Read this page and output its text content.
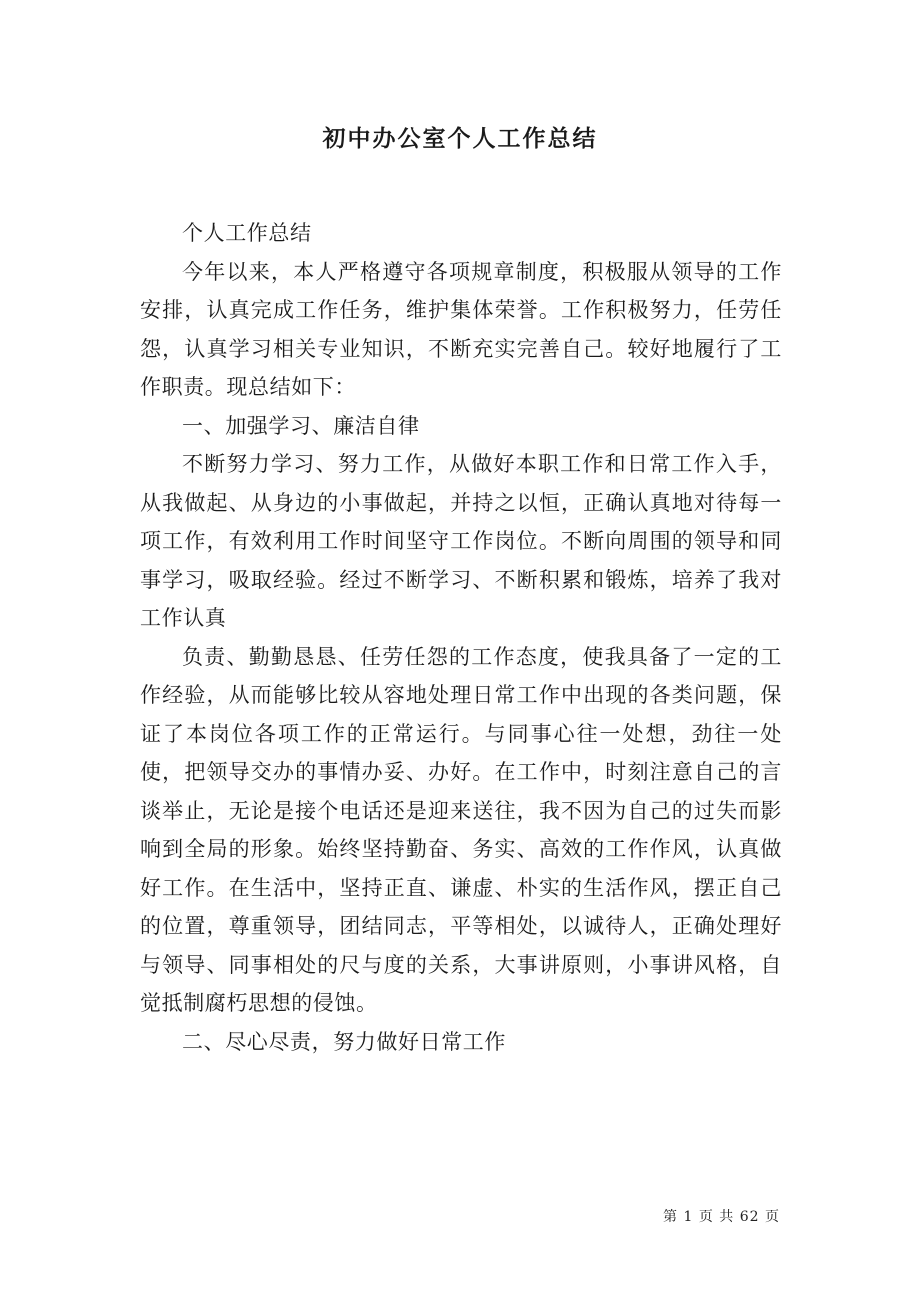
初中办公室个人工作总结

个人工作总结

今年以来，本人严格遵守各项规章制度，积极服从领导的工作安排，认真完成工作任务，维护集体荣誉。工作积极努力，任劳任怨，认真学习相关专业知识，不断充实完善自己。较好地履行了工作职责。现总结如下：

一、加强学习、廉洁自律

不断努力学习、努力工作，从做好本职工作和日常工作入手，从我做起、从身边的小事做起，并持之以恒，正确认真地对待每一项工作，有效利用工作时间坚守工作岗位。不断向周围的领导和同事学习，吸取经验。经过不断学习、不断积累和锻炼，培养了我对工作认真

负责、勤勤恳恳、任劳任怨的工作态度，使我具备了一定的工作经验，从而能够比较从容地处理日常工作中出现的各类问题，保证了本岗位各项工作的正常运行。与同事心往一处想，劲往一处使，把领导交办的事情办妥、办好。在工作中，时刻注意自己的言谈举止，无论是接个电话还是迎来送往，我不因为自己的过失而影响到全局的形象。始终坚持勤奋、务实、高效的工作作风，认真做好工作。在生活中，坚持正直、谦虚、朴实的生活作风，摆正自己的位置，尊重领导，团结同志，平等相处，以诚待人，正确处理好与领导、同事相处的尺与度的关系，大事讲原则，小事讲风格，自觉抵制腐朽思想的侵蚀。

二、尽心尽责，努力做好日常工作

第 1 页 共 62 页
